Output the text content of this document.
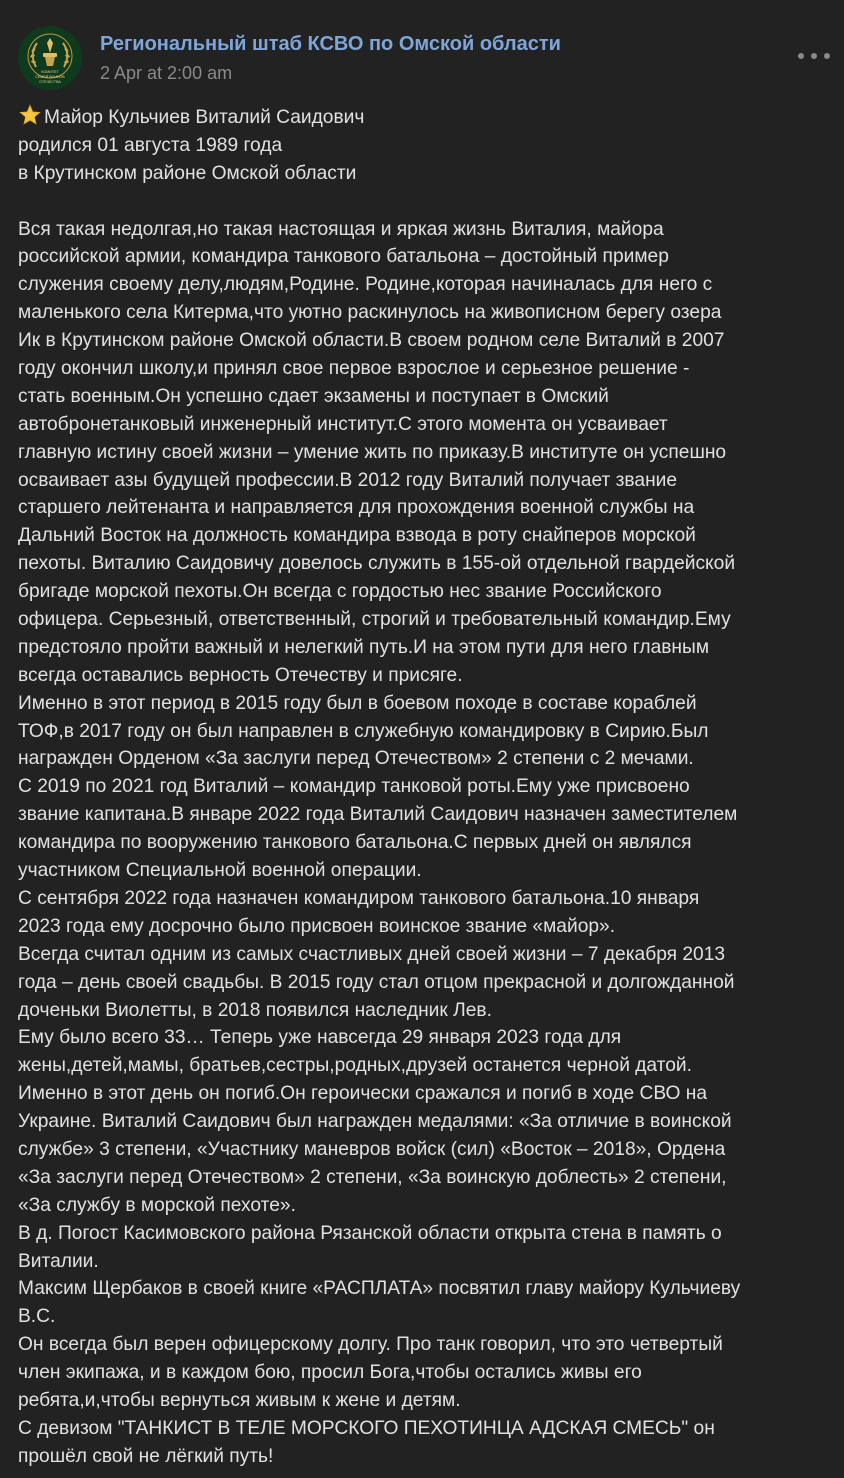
КОМИТЕТ
СЕМЕЙ ВОИНОВ
ОТЕЧЕСТВА
Региональный штаб КСВО по Омской области
2 Apr at 2:00 am
Майор Кульчиев Виталий Саидович
родился 01 августа 1989 года
в Крутинском районе Омской области
Вся такая недолгая,но такая настоящая и яркая жизнь Виталия, майора
российской армии, командира танкового батальона – достойный пример
служения своему делу,людям,Родине. Родине,которая начиналась для него с
маленького села Китерма,что уютно раскинулось на живописном берегу озера
Ик в Крутинском районе Омской области.В своем родном селе Виталий в 2007
году окончил школу,и принял свое первое взрослое и серьезное решение -
стать военным.Он успешно сдает экзамены и поступает в Омский
автобронетанковый инженерный институт.С этого момента он усваивает
главную истину своей жизни – умение жить по приказу.В институте он успешно
осваивает азы будущей профессии.В 2012 году Виталий получает звание
старшего лейтенанта и направляется для прохождения военной службы на
Дальний Восток на должность командира взвода в роту снайперов морской
пехоты. Виталию Саидовичу довелось служить в 155-ой отдельной гвардейской
бригаде морской пехоты.Он всегда с гордостью нес звание Российского
офицера. Серьезный, ответственный, строгий и требовательный командир.Ему
предстояло пройти важный и нелегкий путь.И на этом пути для него главным
всегда оставались верность Отечеству и присяге.
Именно в этот период в 2015 году был в боевом походе в составе кораблей
ТОФ,в 2017 году он был направлен в служебную командировку в Сирию.Был
награжден Орденом «За заслуги перед Отечеством» 2 степени с 2 мечами.
С 2019 по 2021 год Виталий – командир танковой роты.Ему уже присвоено
звание капитана.В январе 2022 года Виталий Саидович назначен заместителем
командира по вооружению танкового батальона.С первых дней он являлся
участником Специальной военной операции.
С сентября 2022 года назначен командиром танкового батальона.10 января
2023 года ему досрочно было присвоен воинское звание «майор».
Всегда считал одним из самых счастливых дней своей жизни – 7 декабря 2013
года – день своей свадьбы. В 2015 году стал отцом прекрасной и долгожданной
доченьки Виолетты, в 2018 появился наследник Лев.
Ему было всего 33… Теперь уже навсегда 29 января 2023 года для
жены,детей,мамы, братьев,сестры,родных,друзей останется черной датой.
Именно в этот день он погиб.Он героически сражался и погиб в ходе СВО на
Украине. Виталий Саидович был награжден медалями: «За отличие в воинской
службе» 3 степени, «Участнику маневров войск (сил) «Восток – 2018», Ордена
«За заслуги перед Отечеством» 2 степени, «За воинскую доблесть» 2 степени,
«За службу в морской пехоте».
В д. Погост Касимовского района Рязанской области открыта стена в память о
Виталии.
Максим Щербаков в своей книге «РАСПЛАТА» посвятил главу майору Кульчиеву
В.С.
Он всегда был верен офицерскому долгу. Про танк говорил, что это четвертый
член экипажа, и в каждом бою, просил Бога,чтобы остались живы его
ребята,и,чтобы вернуться живым к жене и детям.
С девизом "ТАНКИСТ В ТЕЛЕ МОРСКОГО ПЕХОТИНЦА АДСКАЯ СМЕСЬ" он
прошёл свой не лёгкий путь!
